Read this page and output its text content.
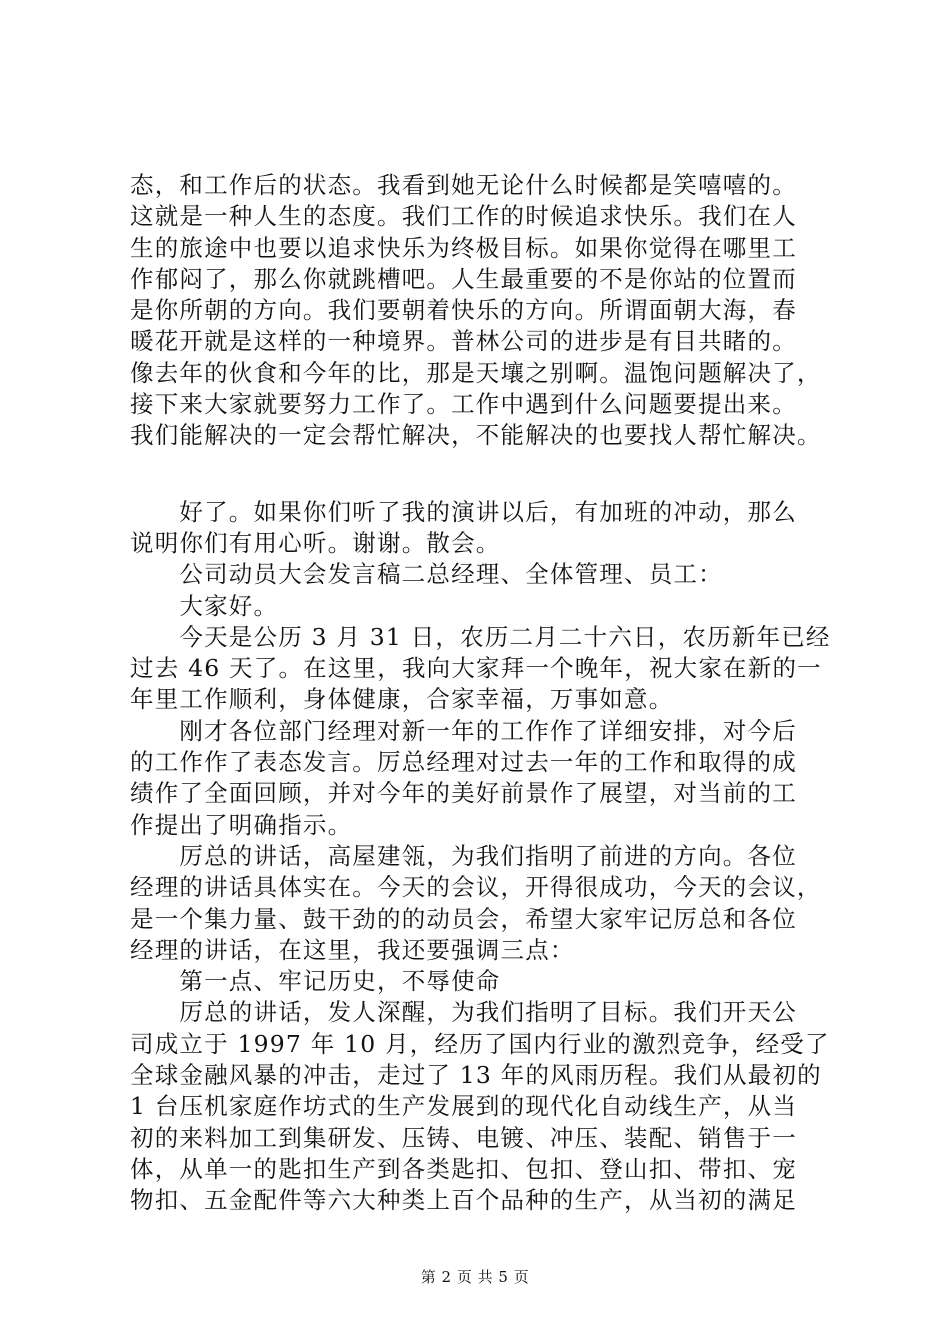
态，和工作后的状态。我看到她无论什么时候都是笑嘻嘻的。
这就是一种人生的态度。我们工作的时候追求快乐。我们在人
生的旅途中也要以追求快乐为终极目标。如果你觉得在哪里工
作郁闷了，那么你就跳槽吧。人生最重要的不是你站的位置而
是你所朝的方向。我们要朝着快乐的方向。所谓面朝大海，春
暖花开就是这样的一种境界。普林公司的进步是有目共睹的。
像去年的伙食和今年的比，那是天壤之别啊。温饱问题解决了，
接下来大家就要努力工作了。工作中遇到什么问题要提出来。
我们能解决的一定会帮忙解决，不能解决的也要找人帮忙解决。
　　好了。如果你们听了我的演讲以后，有加班的冲动，那么
说明你们有用心听。谢谢。散会。
　　公司动员大会发言稿二总经理、全体管理、员工：
　　大家好。
　　今天是公历 3 月 31 日，农历二月二十六日，农历新年已经
过去 46 天了。在这里，我向大家拜一个晚年，祝大家在新的一
年里工作顺利，身体健康，合家幸福，万事如意。
　　刚才各位部门经理对新一年的工作作了详细安排，对今后
的工作作了表态发言。厉总经理对过去一年的工作和取得的成
绩作了全面回顾，并对今年的美好前景作了展望，对当前的工
作提出了明确指示。
　　厉总的讲话，高屋建瓴，为我们指明了前进的方向。各位
经理的讲话具体实在。今天的会议，开得很成功，今天的会议，
是一个集力量、鼓干劲的的动员会，希望大家牢记厉总和各位
经理的讲话，在这里，我还要强调三点：
　　第一点、牢记历史，不辱使命
　　厉总的讲话，发人深醒，为我们指明了目标。我们开天公
司成立于 1997 年 10 月，经历了国内行业的激烈竞争，经受了
全球金融风暴的冲击，走过了 13 年的风雨历程。我们从最初的
1 台压机家庭作坊式的生产发展到的现代化自动线生产，从当
初的来料加工到集研发、压铸、电镀、冲压、装配、销售于一
体，从单一的匙扣生产到各类匙扣、包扣、登山扣、带扣、宠
物扣、五金配件等六大种类上百个品种的生产，从当初的满足
第 2 页 共 5 页
